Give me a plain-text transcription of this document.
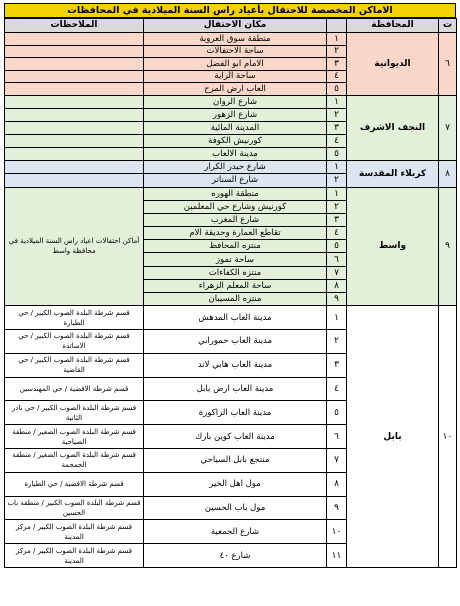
الاماكن المخصصة للاحتفال بأعياد راس السنة الميلادية في المحافظات
ت	المحافظة		مكان الاحتفال	الملاحظات
٦	الديوانية	١	منطقة سوق العروبة	
		٢	ساحة الاحتفالات	
		٣	الامام ابو الفضل	
		٤	ساحة الراية	
		٥	العاب ارض المرح	
٧	النجف الاشرف	١	شارع الروان	
		٢	شارع الزهور	
		٣	المدينة المائية	
		٤	كورنيش الكوفة	
		٥	مدينة الالعاب	
٨	كربلاء المقدسة	١	شارع حيدر الكرار	
		٢	شارع السناتر	
٩	واسط	١	منطقة الهوره	أماكن احتفالات اعياد راس السنة الميلادية في محافظة واسط
		٢	كورنيش وشارع حي المعلمين	
		٣	شارع المغرب	
		٤	تقاطع العمارة وحديقة الام	
		٥	منتزه المحافظ	
		٦	ساحة تموز	
		٧	منتزه الكفاءات	
		٨	ساحة المعلم الزهراء	
		٩	منتزه المسيبان	
١٠	بابل	١	مدينة العاب المدهش	قسم شرطة البلدة الصوب الكبير / حي الطيارة
		٢	مدينة العاب حمورابي	قسم شرطة البلدة الصوب الكبير / حي الاساتذة
		٣	مدينة العاب هابي لاند	قسم شرطة البلدة الصوب الكبير / حي القاضية
		٤	مدينة العاب ارض بابل	قسم شرطة الاقضية / حي المهندسين
		٥	مدينة العاب الزاكورة	قسم شرطة البلدة الصوب الكبير / حي نادر الثانية
		٦	مدينة العاب كوين بارك	قسم شرطة البلدة الصوب الصغير / منطقة الصياحية
		٧	منتجع بابل السياحي	قسم شرطة البلدة الصوب الصغير / منطقة الجمجمة
		٨	مول اهل الخير	قسم شرطة الاقضية / حي الطيارة
		٩	مول باب الحسين	قسم شرطة البلدة الصوب الكبير / منطقة باب الحسين
		١٠	شارع الجمعية	قسم شرطة البلدة الصوب الكبير / مركز المدينة
		١١	شارع ٤٠	قسم شرطة البلدة الصوب الكبير / مركز المدينة
